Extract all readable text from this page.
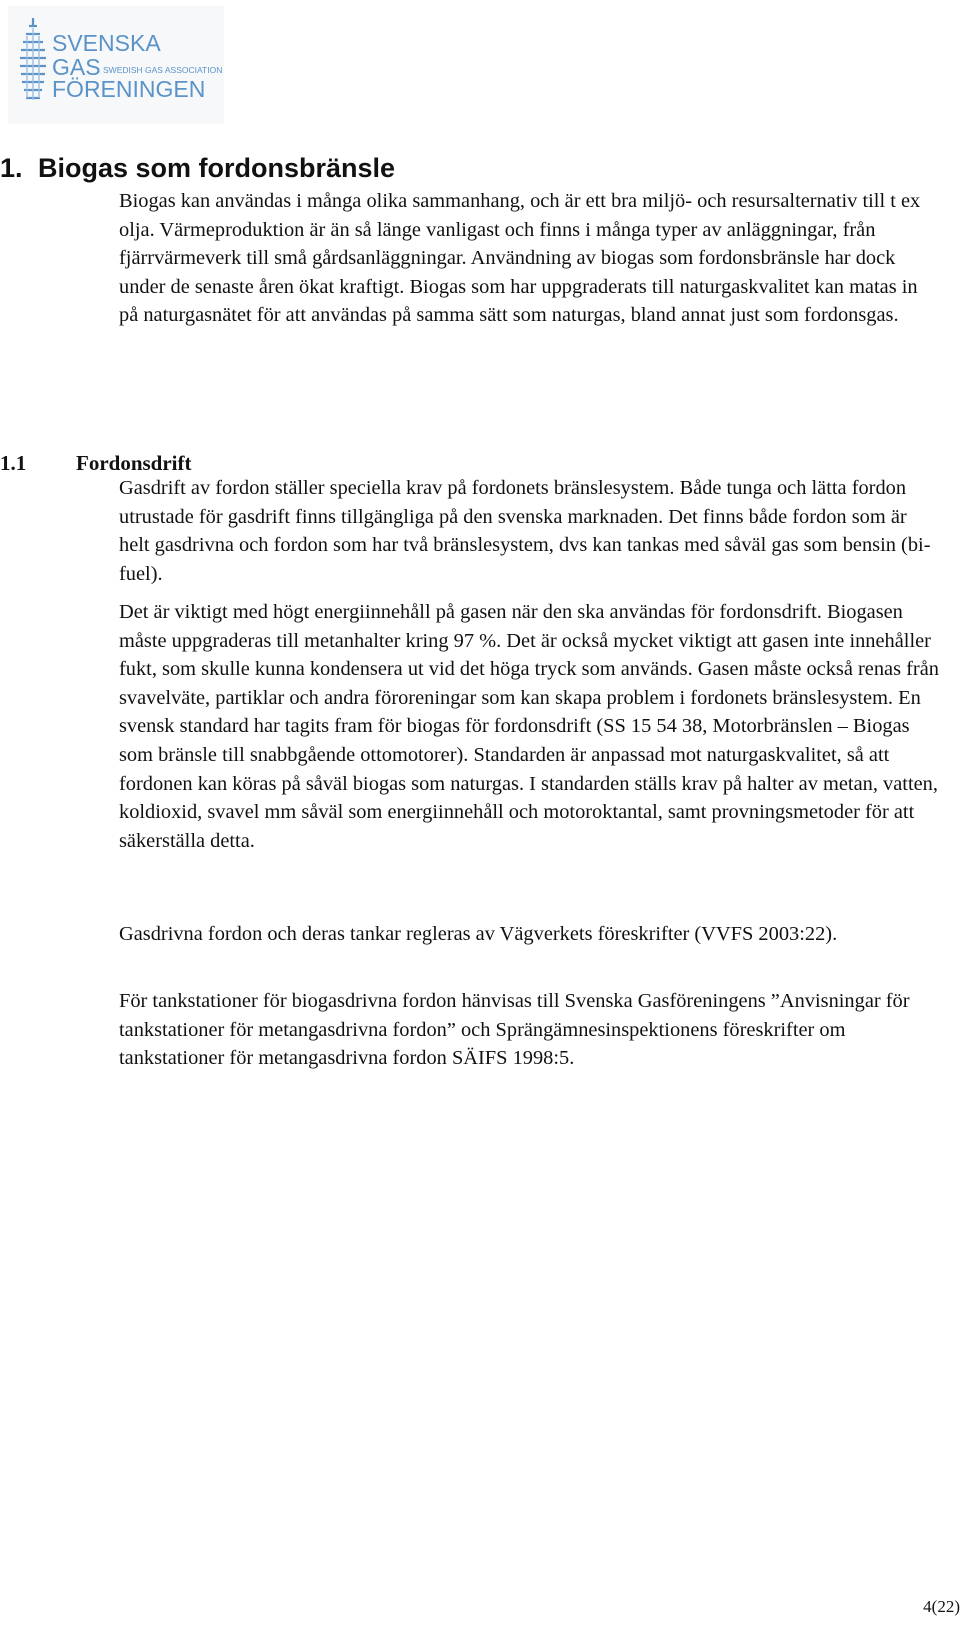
SVENSKA
GAS SWEDISH GAS ASSOCIATION
FÖRENINGEN
1. Biogas som fordonsbränsle

Biogas kan användas i många olika sammanhang, och är ett bra miljö- och resursalternativ till t ex olja. Värmeproduktion är än så länge vanligast och finns i många typer av anläggningar, från fjärrvärmeverk till små gårdsanläggningar. Användning av biogas som fordonsbränsle har dock under de senaste åren ökat kraftigt. Biogas som har uppgraderats till naturgaskvalitet kan matas in på naturgasnätet för att användas på samma sätt som naturgas, bland annat just som fordonsgas.

1.1 Fordonsdrift

Gasdrift av fordon ställer speciella krav på fordonets bränslesystem. Både tunga och lätta fordon utrustade för gasdrift finns tillgängliga på den svenska marknaden. Det finns både fordon som är helt gasdrivna och fordon som har två bränslesystem, dvs kan tankas med såväl gas som bensin (bi-fuel).

Det är viktigt med högt energiinnehåll på gasen när den ska användas för fordonsdrift. Biogasen måste uppgraderas till metanhalter kring 97 %. Det är också mycket viktigt att gasen inte innehåller fukt, som skulle kunna kondensera ut vid det höga tryck som används. Gasen måste också renas från svavelväte, partiklar och andra föroreningar som kan skapa problem i fordonets bränslesystem. En svensk standard har tagits fram för biogas för fordonsdrift (SS 15 54 38, Motorbränslen – Biogas som bränsle till snabbgående ottomotorer). Standarden är anpassad mot naturgaskvalitet, så att fordonen kan köras på såväl biogas som naturgas. I standarden ställs krav på halter av metan, vatten, koldioxid, svavel mm såväl som energiinnehåll och motoroktantal, samt provningsmetoder för att säkerställa detta.

Gasdrivna fordon och deras tankar regleras av Vägverkets föreskrifter (VVFS 2003:22).

För tankstationer för biogasdrivna fordon hänvisas till Svenska Gasföreningens ”Anvisningar för tankstationer för metangasdrivna fordon” och Sprängämnesinspektionens föreskrifter om tankstationer för metangasdrivna fordon SÄIFS 1998:5.

4(22)
